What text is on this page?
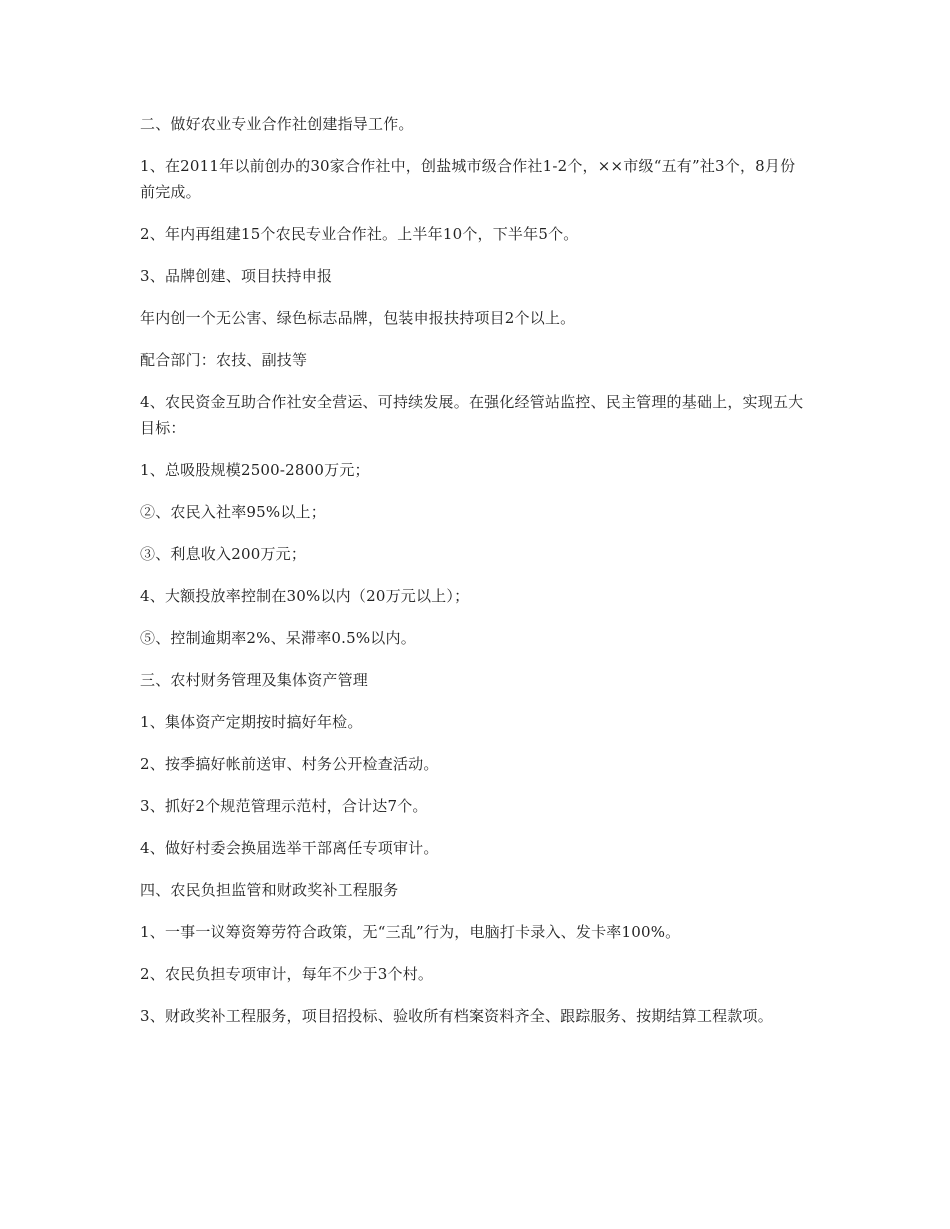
二、做好农业专业合作社创建指导工作。

1、在2011年以前创办的30家合作社中，创盐城市级合作社1-2个，××市级“五有”社3个，8月份前完成。

2、年内再组建15个农民专业合作社。上半年10个，下半年5个。

3、品牌创建、项目扶持申报

年内创一个无公害、绿色标志品牌，包装申报扶持项目2个以上。

配合部门：农技、副技等

4、农民资金互助合作社安全营运、可持续发展。在强化经管站监控、民主管理的基础上，实现五大目标：

1、总吸股规模2500-2800万元；

②、农民入社率95%以上；

③、利息收入200万元；

4、大额投放率控制在30%以内（20万元以上）；

⑤、控制逾期率2%、呆滞率0.5%以内。

三、农村财务管理及集体资产管理

1、集体资产定期按时搞好年检。

2、按季搞好帐前送审、村务公开检查活动。

3、抓好2个规范管理示范村，合计达7个。

4、做好村委会换届选举干部离任专项审计。

四、农民负担监管和财政奖补工程服务

1、一事一议筹资筹劳符合政策，无“三乱”行为，电脑打卡录入、发卡率100%。

2、农民负担专项审计，每年不少于3个村。

3、财政奖补工程服务，项目招投标、验收所有档案资料齐全、跟踪服务、按期结算工程款项。
